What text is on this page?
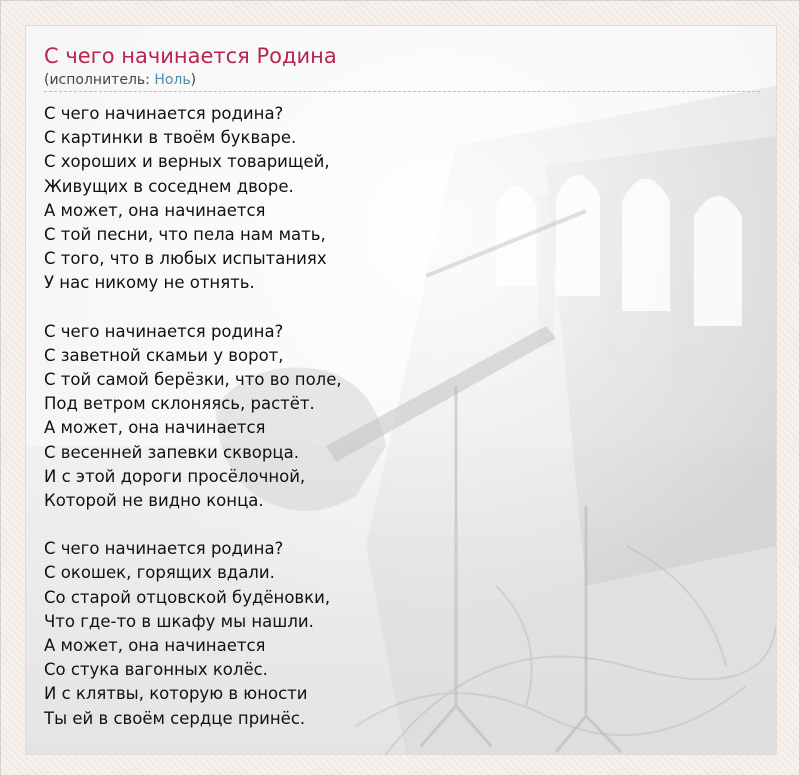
С чего начинается Родина
(исполнитель: Ноль)
С чего начинается родина?
С картинки в твоём букваре.
С хороших и верных товарищей,
Живущих в соседнем дворе.
А может, она начинается
С той песни, что пела нам мать,
С того, что в любых испытаниях
У нас никому не отнять.
С чего начинается родина?
С заветной скамьи у ворот,
С той самой берёзки, что во поле,
Под ветром склоняясь, растёт.
А может, она начинается
С весенней запевки скворца.
И с этой дороги просёлочной,
Которой не видно конца.
С чего начинается родина?
С окошек, горящих вдали.
Со старой отцовской будёновки,
Что где-то в шкафу мы нашли.
А может, она начинается
Со стука вагонных колёс.
И с клятвы, которую в юности
Ты ей в своём сердце принёс.
